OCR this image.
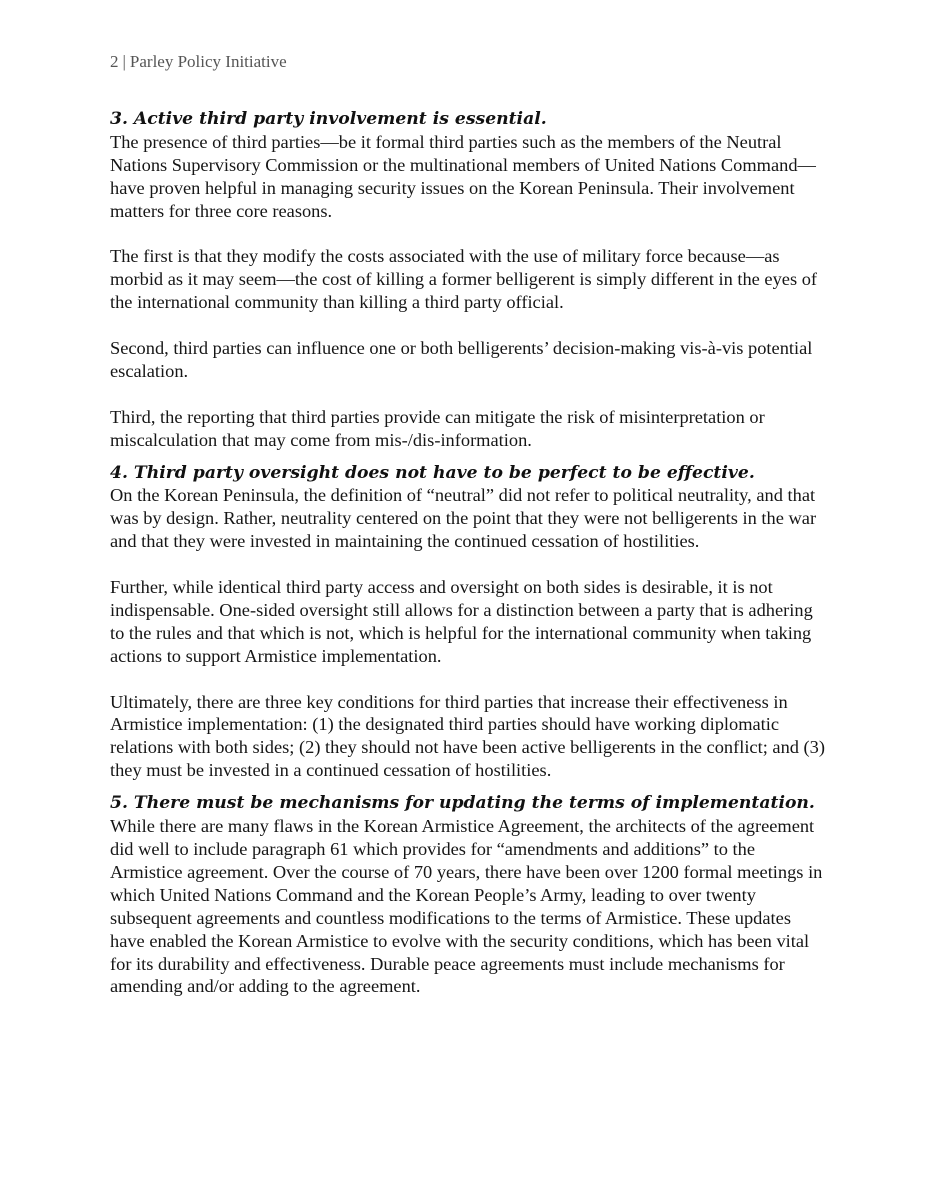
2 | Parley Policy Initiative
3. Active third party involvement is essential.

The presence of third parties—be it formal third parties such as the members of the Neutral Nations Supervisory Commission or the multinational members of United Nations Command—have proven helpful in managing security issues on the Korean Peninsula. Their involvement matters for three core reasons.

The first is that they modify the costs associated with the use of military force because—as morbid as it may seem—the cost of killing a former belligerent is simply different in the eyes of the international community than killing a third party official.

Second, third parties can influence one or both belligerents’ decision-making vis-à-vis potential escalation.

Third, the reporting that third parties provide can mitigate the risk of misinterpretation or miscalculation that may come from mis-/dis-information.

4. Third party oversight does not have to be perfect to be effective.

On the Korean Peninsula, the definition of “neutral” did not refer to political neutrality, and that was by design. Rather, neutrality centered on the point that they were not belligerents in the war and that they were invested in maintaining the continued cessation of hostilities.

Further, while identical third party access and oversight on both sides is desirable, it is not indispensable. One-sided oversight still allows for a distinction between a party that is adhering to the rules and that which is not, which is helpful for the international community when taking actions to support Armistice implementation.

Ultimately, there are three key conditions for third parties that increase their effectiveness in Armistice implementation: (1) the designated third parties should have working diplomatic relations with both sides; (2) they should not have been active belligerents in the conflict; and (3) they must be invested in a continued cessation of hostilities.

5. There must be mechanisms for updating the terms of implementation.

While there are many flaws in the Korean Armistice Agreement, the architects of the agreement did well to include paragraph 61 which provides for “amendments and additions” to the Armistice agreement. Over the course of 70 years, there have been over 1200 formal meetings in which United Nations Command and the Korean People’s Army, leading to over twenty subsequent agreements and countless modifications to the terms of Armistice. These updates have enabled the Korean Armistice to evolve with the security conditions, which has been vital for its durability and effectiveness. Durable peace agreements must include mechanisms for amending and/or adding to the agreement.
